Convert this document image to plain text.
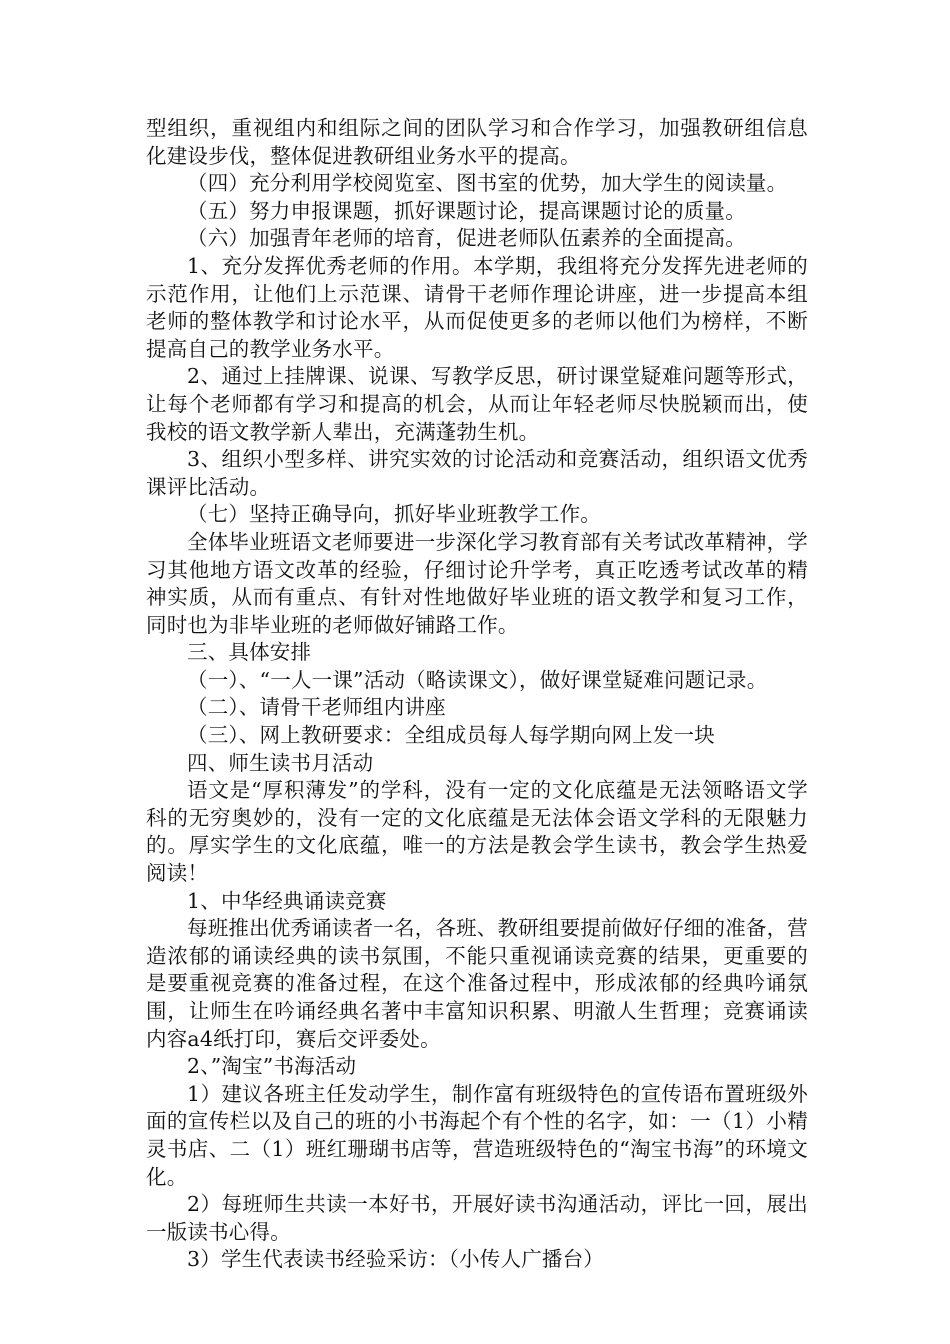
型组织，重视组内和组际之间的团队学习和合作学习，加强教研组信息化建设步伐，整体促进教研组业务水平的提高。

（四）充分利用学校阅览室、图书室的优势，加大学生的阅读量。

（五）努力申报课题，抓好课题讨论，提高课题讨论的质量。

（六）加强青年老师的培育，促进老师队伍素养的全面提高。

1、充分发挥优秀老师的作用。本学期，我组将充分发挥先进老师的示范作用，让他们上示范课、请骨干老师作理论讲座，进一步提高本组老师的整体教学和讨论水平，从而促使更多的老师以他们为榜样，不断提高自己的教学业务水平。

2、通过上挂牌课、说课、写教学反思，研讨课堂疑难问题等形式，让每个老师都有学习和提高的机会，从而让年轻老师尽快脱颖而出，使我校的语文教学新人辈出，充满蓬勃生机。

3、组织小型多样、讲究实效的讨论活动和竞赛活动，组织语文优秀课评比活动。

（七）坚持正确导向，抓好毕业班教学工作。

全体毕业班语文老师要进一步深化学习教育部有关考试改革精神，学习其他地方语文改革的经验，仔细讨论升学考，真正吃透考试改革的精神实质，从而有重点、有针对性地做好毕业班的语文教学和复习工作，同时也为非毕业班的老师做好铺路工作。

三、具体安排

（一）、“一人一课”活动（略读课文），做好课堂疑难问题记录。

（二）、请骨干老师组内讲座

（三）、网上教研要求：全组成员每人每学期向网上发一块

四、师生读书月活动

语文是“厚积薄发”的学科，没有一定的文化底蕴是无法领略语文学科的无穷奥妙的，没有一定的文化底蕴是无法体会语文学科的无限魅力的。厚实学生的文化底蕴，唯一的方法是教会学生读书，教会学生热爱阅读！

1、中华经典诵读竞赛

每班推出优秀诵读者一名，各班、教研组要提前做好仔细的准备，营造浓郁的诵读经典的读书氛围，不能只重视诵读竞赛的结果，更重要的是要重视竞赛的准备过程，在这个准备过程中，形成浓郁的经典吟诵氛围，让师生在吟诵经典名著中丰富知识积累、明澈人生哲理；竞赛诵读内容a4纸打印，赛后交评委处。

2、”淘宝”书海活动

1）建议各班主任发动学生，制作富有班级特色的宣传语布置班级外面的宣传栏以及自己的班的小书海起个有个性的名字，如：一（1）小精灵书店、二（1）班红珊瑚书店等，营造班级特色的“淘宝书海”的环境文化。

2）每班师生共读一本好书，开展好读书沟通活动，评比一回，展出一版读书心得。

3）学生代表读书经验采访：（小传人广播台）
